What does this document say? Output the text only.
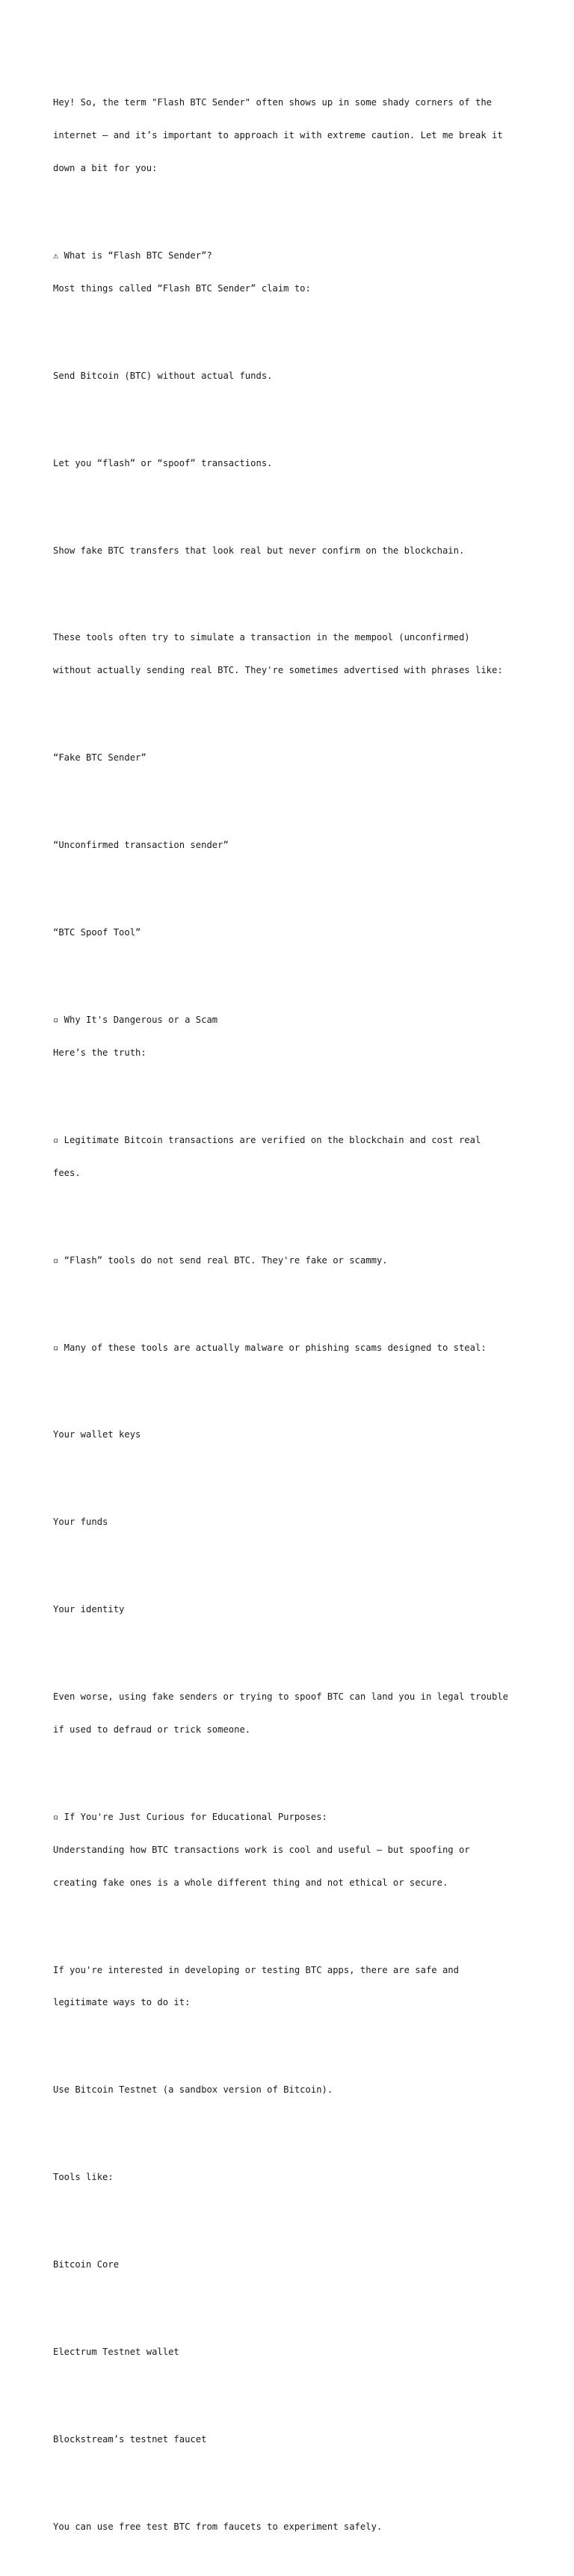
Hey! So, the term "Flash BTC Sender" often shows up in some shady corners of the

internet — and it’s important to approach it with extreme caution. Let me break it

down a bit for you:

⚠ What is “Flash BTC Sender”?

Most things called “Flash BTC Sender” claim to:

Send Bitcoin (BTC) without actual funds.

Let you “flash” or “spoof” transactions.

Show fake BTC transfers that look real but never confirm on the blockchain.

These tools often try to simulate a transaction in the mempool (unconfirmed)

without actually sending real BTC. They're sometimes advertised with phrases like:

“Fake BTC Sender”

“Unconfirmed transaction sender”

“BTC Spoof Tool”

▫ Why It's Dangerous or a Scam

Here’s the truth:

▫ Legitimate Bitcoin transactions are verified on the blockchain and cost real

fees.

▫ “Flash” tools do not send real BTC. They're fake or scammy.

▫ Many of these tools are actually malware or phishing scams designed to steal:

Your wallet keys

Your funds

Your identity

Even worse, using fake senders or trying to spoof BTC can land you in legal trouble

if used to defraud or trick someone.

▫ If You're Just Curious for Educational Purposes:

Understanding how BTC transactions work is cool and useful — but spoofing or

creating fake ones is a whole different thing and not ethical or secure.

If you're interested in developing or testing BTC apps, there are safe and

legitimate ways to do it:

Use Bitcoin Testnet (a sandbox version of Bitcoin).

Tools like:

Bitcoin Core

Electrum Testnet wallet

Blockstream’s testnet faucet

You can use free test BTC from faucets to experiment safely.
